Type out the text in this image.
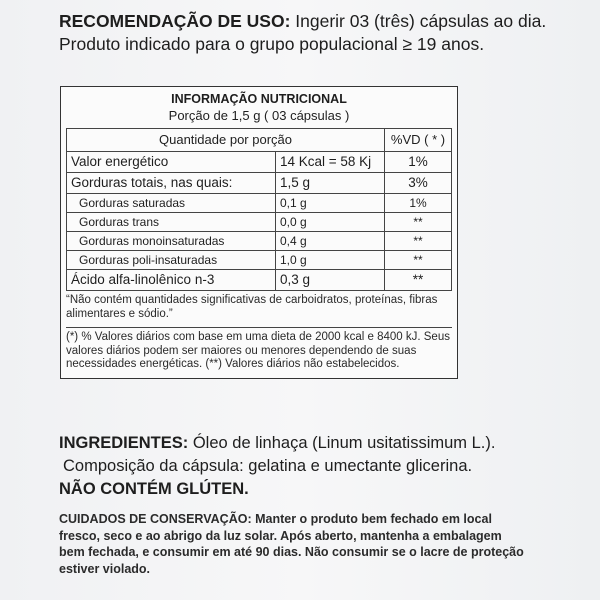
RECOMENDAÇÃO DE USO: Ingerir 03 (três) cápsulas ao dia. Produto indicado para o grupo populacional ≥ 19 anos.
INFORMAÇÃO NUTRICIONAL
Porção de 1,5 g ( 03 cápsulas )
Quantidade por porção		%VD ( * )
Valor energético	14 Kcal = 58 Kj	1%
Gorduras totais, nas quais:	1,5 g	3%
Gorduras saturadas	0,1 g	1%
Gorduras trans	0,0 g	**
Gorduras monoinsaturadas	0,4 g	**
Gorduras poli-insaturadas	1,0 g	**
Ácido alfa-linolênico n-3	0,3 g	**
“Não contém quantidades significativas de carboidratos, proteínas, fibras alimentares e sódio.”
(*) % Valores diários com base em uma dieta de 2000 kcal e 8400 kJ. Seus valores diários podem ser maiores ou menores dependendo de suas necessidades energéticas. (**) Valores diários não estabelecidos.
INGREDIENTES: Óleo de linhaça (Linum usitatissimum L.).
Composição da cápsula: gelatina e umectante glicerina.
NÃO CONTÉM GLÚTEN.
CUIDADOS DE CONSERVAÇÃO: Manter o produto bem fechado em local fresco, seco e ao abrigo da luz solar. Após aberto, mantenha a embalagem bem fechada, e consumir em até 90 dias. Não consumir se o lacre de proteção estiver violado.
